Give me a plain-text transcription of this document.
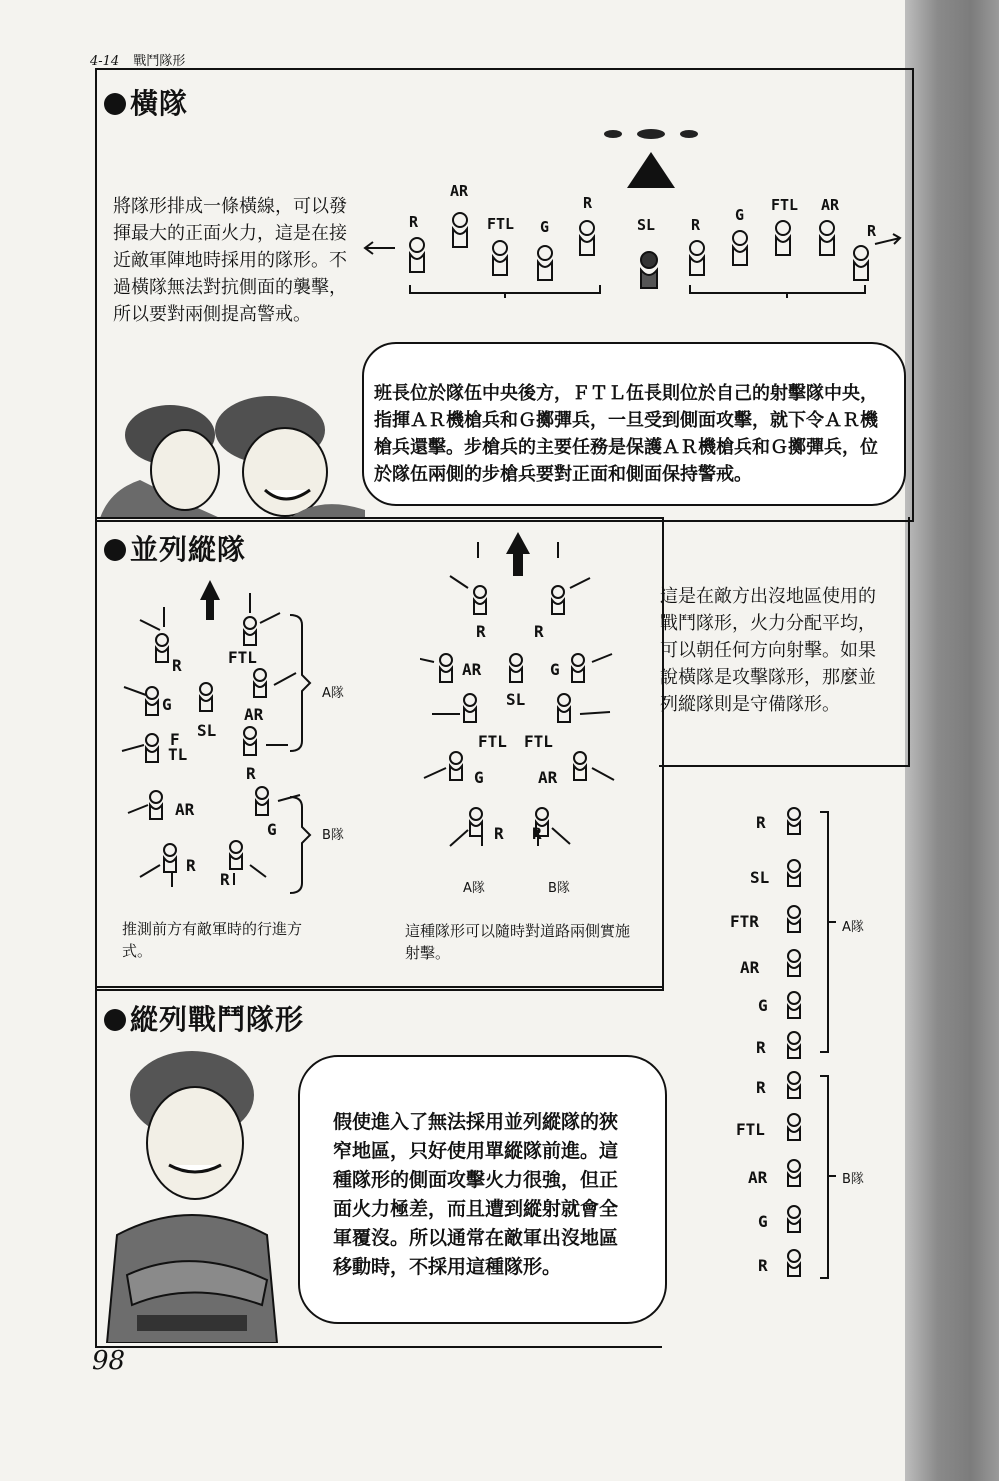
4-14 戰鬥隊形
橫隊
將隊形排成一條橫線，可以發揮最大的正面火力，這是在接近敵軍陣地時採用的隊形。不過橫隊無法對抗側面的襲擊，所以要對兩側提高警戒。
R
AR
FTL G
R
SL R
G
FTL AR
R
班長位於隊伍中央後方，ＦＴＬ伍長則位於自己的射擊隊中央，指揮ＡＲ機槍兵和Ｇ擲彈兵，一旦受到側面攻擊，就下令ＡＲ機槍兵還擊。步槍兵的主要任務是保護ＡＲ機槍兵和Ｇ擲彈兵，位於隊伍兩側的步槍兵要對正面和側面保持警戒。
並列縱隊
這是在敵方出沒地區使用的戰鬥隊形，火力分配平均，可以朝任何方向射擊。如果說橫隊是攻擊隊形，那麼並列縱隊則是守備隊形。
R	FTL
G
SL
AR
F
TL
R
AR
G
R
R
A隊
B隊
推測前方有敵軍時的行進方式。
R	R
AR
SL
G
FTL FTL
G	AR
R R
A隊	B隊
這種隊形可以隨時對道路兩側實施射擊。
R
SL
FTR
AR
G
R
R
FTL
AR
G
R
A隊
B隊
縱列戰鬥隊形
假使進入了無法採用並列縱隊的狹窄地區，只好使用單縱隊前進。這種隊形的側面攻擊火力很強，但正面火力極差，而且遭到縱射就會全軍覆沒。所以通常在敵軍出沒地區移動時，不採用這種隊形。
98
